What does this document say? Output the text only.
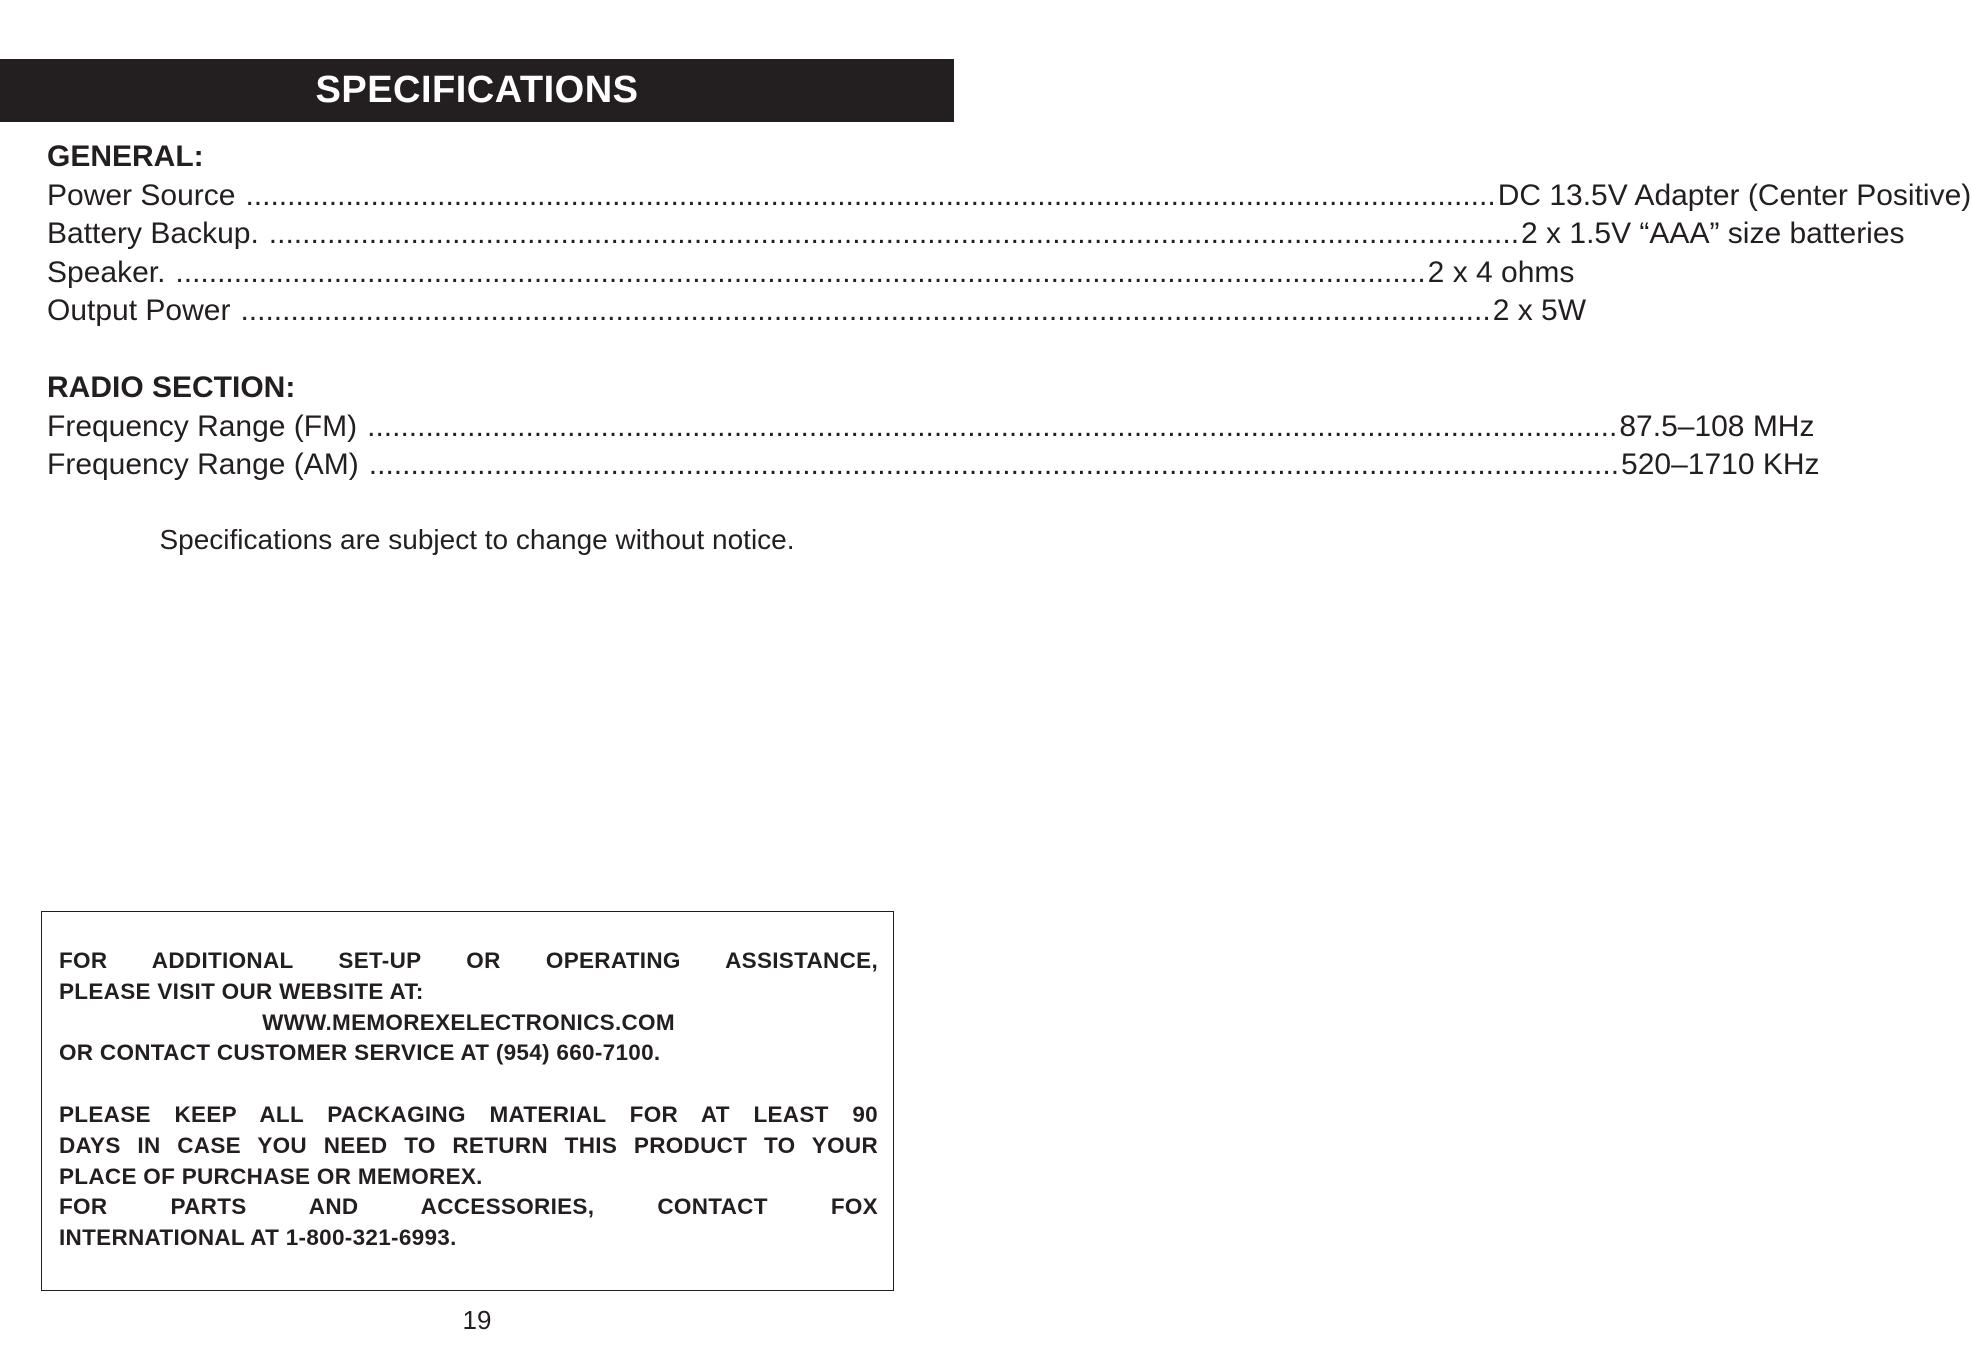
SPECIFICATIONS
GENERAL:
Power Source ...................................................................................................................................................... DC 13.5V Adapter (Center Positive)
Battery Backup. ...................................................................................................................................................... 2 x 1.5V “AAA” size batteries
Speaker. ...................................................................................................................................................... 2 x 4 ohms
Output Power ...................................................................................................................................................... 2 x 5W
RADIO SECTION:
Frequency Range (FM) ...................................................................................................................................................... 87.5–108 MHz
Frequency Range (AM) ...................................................................................................................................................... 520–1710 KHz
Specifications are subject to change without notice.
FOR ADDITIONAL SET-UP OR OPERATING ASSISTANCE,
PLEASE VISIT OUR WEBSITE AT:
WWW.MEMOREXELECTRONICS.COM
OR CONTACT CUSTOMER SERVICE AT (954) 660-7100.
PLEASE KEEP ALL PACKAGING MATERIAL FOR AT LEAST 90
DAYS IN CASE YOU NEED TO RETURN THIS PRODUCT TO YOUR
PLACE OF PURCHASE OR MEMOREX.
FOR PARTS AND ACCESSORIES, CONTACT FOX
INTERNATIONAL AT 1-800-321-6993.
19
